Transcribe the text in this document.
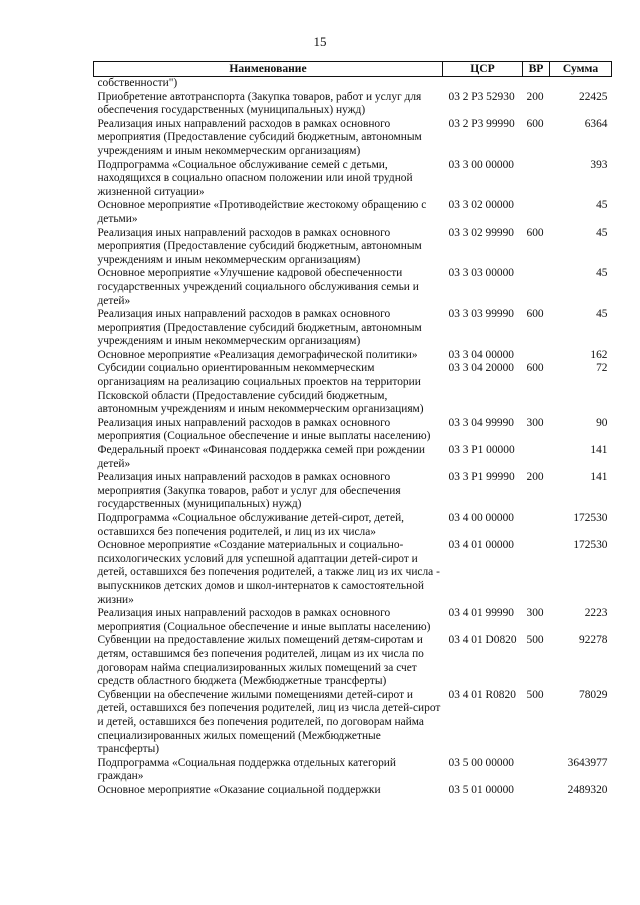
15
Наименование	ЦСР	ВР	Сумма
собственности")			
Приобретение автотранспорта (Закупка товаров, работ и услуг для обеспечения государственных (муниципальных) нужд)	03 2 P3 52930	200	22425
Реализация иных направлений расходов в рамках основного мероприятия (Предоставление субсидий бюджетным, автономным учреждениям и иным некоммерческим организациям)	03 2 P3 99990	600	6364
Подпрограмма «Социальное обслуживание семей с детьми, находящихся в социально опасном положении или иной трудной жизненной ситуации»	03 3 00 00000		393
Основное мероприятие «Противодействие жестокому обращению с детьми»	03 3 02 00000		45
Реализация иных направлений расходов в рамках основного мероприятия (Предоставление субсидий бюджетным, автономным учреждениям и иным некоммерческим организациям)	03 3 02 99990	600	45
Основное мероприятие «Улучшение кадровой обеспеченности государственных учреждений социального обслуживания семьи и детей»	03 3 03 00000		45
Реализация иных направлений расходов в рамках основного мероприятия (Предоставление субсидий бюджетным, автономным учреждениям и иным некоммерческим организациям)	03 3 03 99990	600	45
Основное мероприятие «Реализация демографической политики»	03 3 04 00000		162
Субсидии социально ориентированным некоммерческим организациям на реализацию социальных проектов на территории Псковской области (Предоставление субсидий бюджетным, автономным учреждениям и иным некоммерческим организациям)	03 3 04 20000	600	72
Реализация иных направлений расходов в рамках основного мероприятия (Социальное обеспечение и иные выплаты населению)	03 3 04 99990	300	90
Федеральный проект «Финансовая поддержка семей при рождении детей»	03 3 P1 00000		141
Реализация иных направлений расходов в рамках основного мероприятия (Закупка товаров, работ и услуг для обеспечения государственных (муниципальных) нужд)	03 3 P1 99990	200	141
Подпрограмма «Социальное обслуживание детей-сирот, детей, оставшихся без попечения родителей, и лиц из их числа»	03 4 00 00000		172530
Основное мероприятие «Создание материальных и социально-психологических условий для успешной адаптации детей-сирот и детей, оставшихся без попечения родителей, а также лиц из их числа - выпускников детских домов и школ-интернатов к самостоятельной жизни»	03 4 01 00000		172530
Реализация иных направлений расходов в рамках основного мероприятия (Социальное обеспечение и иные выплаты населению)	03 4 01 99990	300	2223
Субвенции на предоставление жилых помещений детям-сиротам и детям, оставшимся без попечения родителей, лицам из их числа по договорам найма специализированных жилых помещений за счет средств областного бюджета (Межбюджетные трансферты)	03 4 01 D0820	500	92278
Субвенции на обеспечение жилыми помещениями детей-сирот и детей, оставшихся без попечения родителей, лиц из числа детей-сирот и детей, оставшихся без попечения родителей, по договорам найма специализированных жилых помещений (Межбюджетные трансферты)	03 4 01 R0820	500	78029
Подпрограмма «Социальная поддержка отдельных категорий граждан»	03 5 00 00000		3643977
Основное мероприятие «Оказание социальной поддержки	03 5 01 00000		2489320
